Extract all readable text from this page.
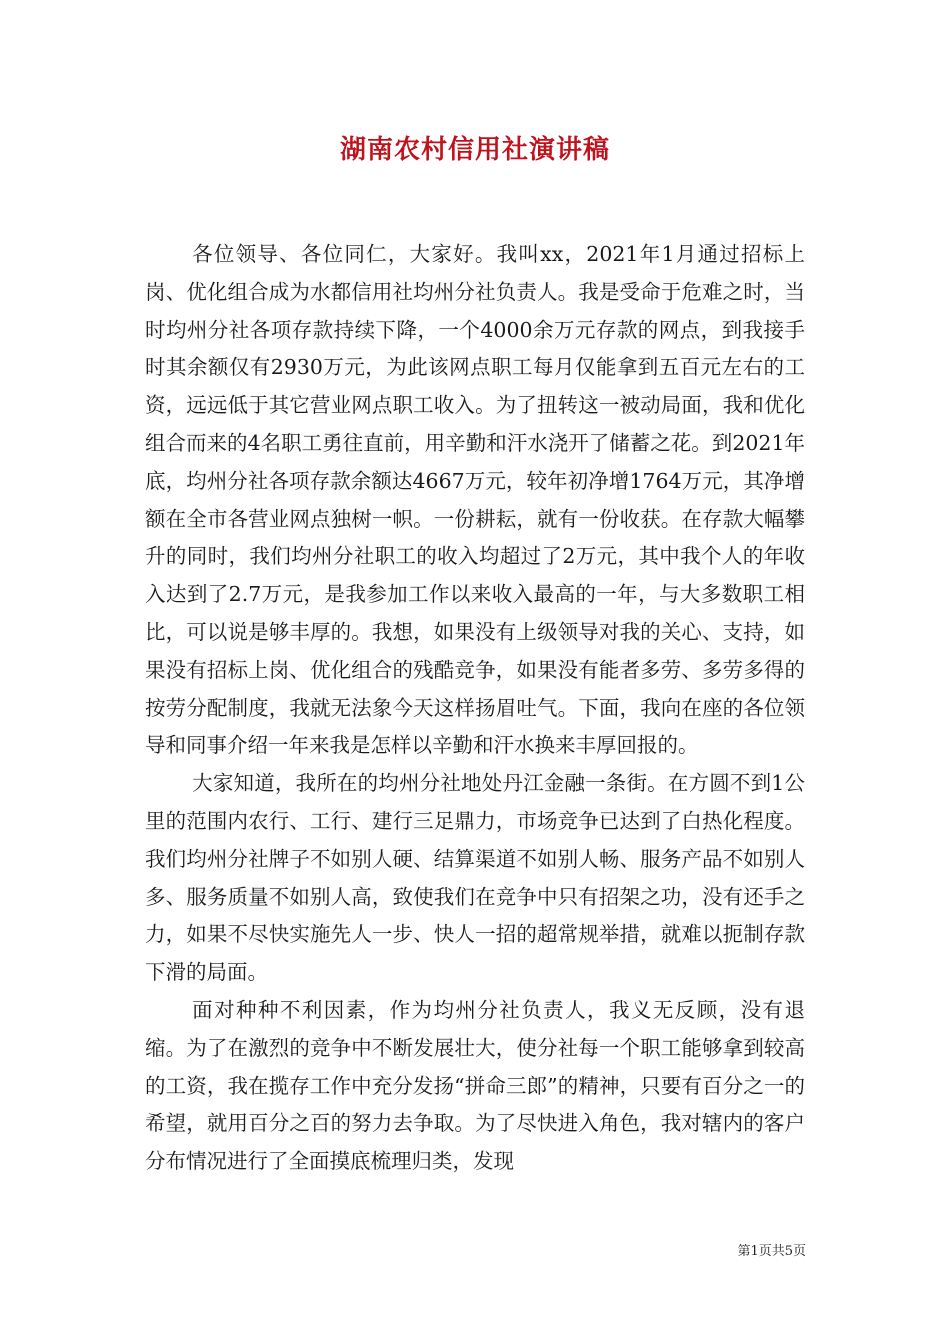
湖南农村信用社演讲稿

各位领导、各位同仁，大家好。我叫xx，2021年1月通过招标上岗、优化组合成为水都信用社均州分社负责人。我是受命于危难之时，当时均州分社各项存款持续下降，一个4000余万元存款的网点，到我接手时其余额仅有2930万元，为此该网点职工每月仅能拿到五百元左右的工资，远远低于其它营业网点职工收入。为了扭转这一被动局面，我和优化组合而来的4名职工勇往直前，用辛勤和汗水浇开了储蓄之花。到2021年底，均州分社各项存款余额达4667万元，较年初净增1764万元，其净增额在全市各营业网点独树一帜。一份耕耘，就有一份收获。在存款大幅攀升的同时，我们均州分社职工的收入均超过了2万元，其中我个人的年收入达到了2.7万元，是我参加工作以来收入最高的一年，与大多数职工相比，可以说是够丰厚的。我想，如果没有上级领导对我的关心、支持，如果没有招标上岗、优化组合的残酷竞争，如果没有能者多劳、多劳多得的按劳分配制度，我就无法象今天这样扬眉吐气。下面，我向在座的各位领导和同事介绍一年来我是怎样以辛勤和汗水换来丰厚回报的。

大家知道，我所在的均州分社地处丹江金融一条街。在方圆不到1公里的范围内农行、工行、建行三足鼎力，市场竞争已达到了白热化程度。我们均州分社牌子不如别人硬、结算渠道不如别人畅、服务产品不如别人多、服务质量不如别人高，致使我们在竞争中只有招架之功，没有还手之力，如果不尽快实施先人一步、快人一招的超常规举措，就难以扼制存款下滑的局面。

面对种种不利因素，作为均州分社负责人，我义无反顾，没有退缩。为了在激烈的竞争中不断发展壮大，使分社每一个职工能够拿到较高的工资，我在揽存工作中充分发扬“拼命三郎”的精神，只要有百分之一的希望，就用百分之百的努力去争取。为了尽快进入角色，我对辖内的客户分布情况进行了全面摸底梳理归类，发现

第1页共5页
